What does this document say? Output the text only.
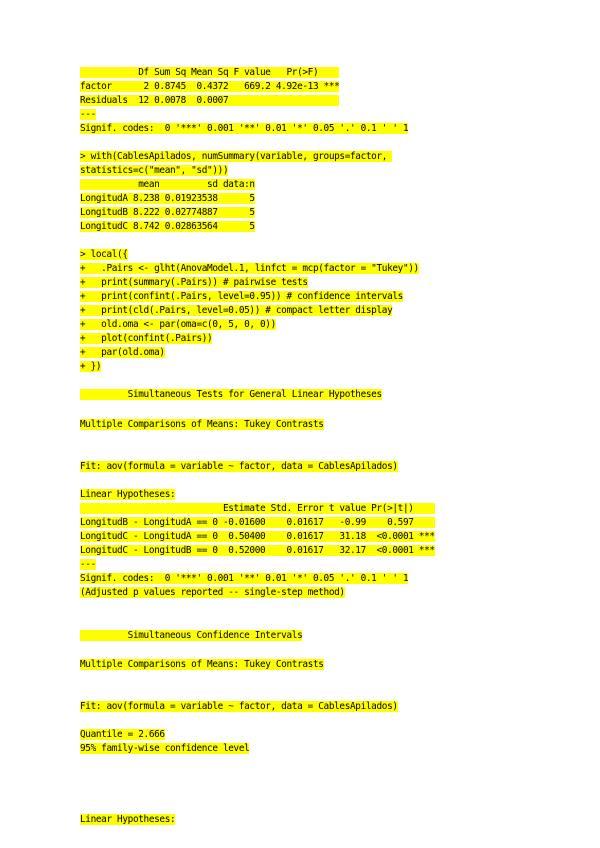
Df Sum Sq Mean Sq F value   Pr(>F)
factor      2 0.8745  0.4372   669.2 4.92e-13 ***
Residuals  12 0.0078  0.0007
---
Signif. codes:  0 '***' 0.001 '**' 0.01 '*' 0.05 '.' 0.1 ' ' 1
> with(CablesApilados, numSummary(variable, groups=factor,
statistics=c("mean", "sd")))
mean         sd data:n
LongitudA 8.238 0.01923538      5
LongitudB 8.222 0.02774887      5
LongitudC 8.742 0.02863564      5
> local({
+   .Pairs <- glht(AnovaModel.1, linfct = mcp(factor = "Tukey"))
+   print(summary(.Pairs)) # pairwise tests
+   print(confint(.Pairs, level=0.95)) # confidence intervals
+   print(cld(.Pairs, level=0.05)) # compact letter display
+   old.oma <- par(oma=c(0, 5, 0, 0))
+   plot(confint(.Pairs))
+   par(old.oma)
+ })
Simultaneous Tests for General Linear Hypotheses
Multiple Comparisons of Means: Tukey Contrasts
Fit: aov(formula = variable ~ factor, data = CablesApilados)
Linear Hypotheses:
Estimate Std. Error t value Pr(>|t|)
LongitudB - LongitudA == 0 -0.01600    0.01617   -0.99    0.597
LongitudC - LongitudA == 0  0.50400    0.01617   31.18  <0.0001 ***
LongitudC - LongitudB == 0  0.52000    0.01617   32.17  <0.0001 ***
---
Signif. codes:  0 '***' 0.001 '**' 0.01 '*' 0.05 '.' 0.1 ' ' 1
(Adjusted p values reported -- single-step method)
Simultaneous Confidence Intervals
Multiple Comparisons of Means: Tukey Contrasts
Fit: aov(formula = variable ~ factor, data = CablesApilados)
Quantile = 2.666
95% family-wise confidence level
Linear Hypotheses:
